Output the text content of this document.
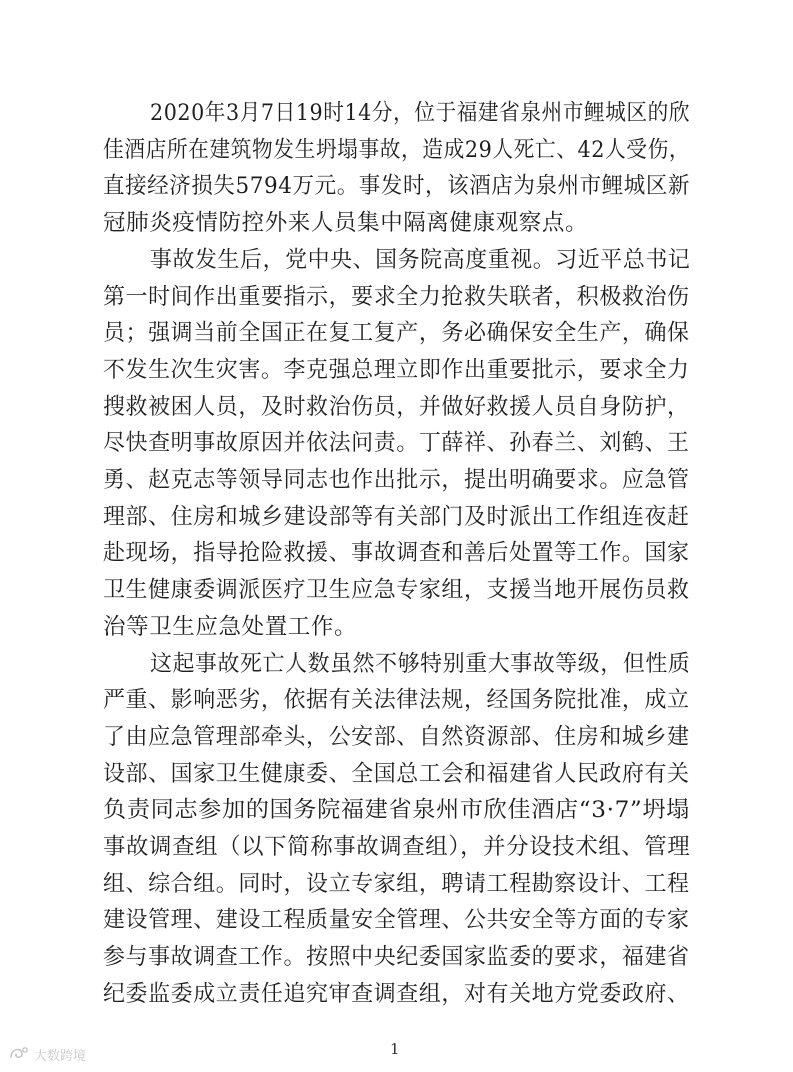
2020年3月7日19时14分，位于福建省泉州市鲤城区的欣
佳酒店所在建筑物发生坍塌事故，造成29人死亡、42人受伤，
直接经济损失5794万元。事发时，该酒店为泉州市鲤城区新
冠肺炎疫情防控外来人员集中隔离健康观察点。
事故发生后，党中央、国务院高度重视。习近平总书记
第一时间作出重要指示，要求全力抢救失联者，积极救治伤
员；强调当前全国正在复工复产，务必确保安全生产，确保
不发生次生灾害。李克强总理立即作出重要批示，要求全力
搜救被困人员，及时救治伤员，并做好救援人员自身防护，
尽快查明事故原因并依法问责。丁薛祥、孙春兰、刘鹤、王
勇、赵克志等领导同志也作出批示，提出明确要求。应急管
理部、住房和城乡建设部等有关部门及时派出工作组连夜赶
赴现场，指导抢险救援、事故调查和善后处置等工作。国家
卫生健康委调派医疗卫生应急专家组，支援当地开展伤员救
治等卫生应急处置工作。
这起事故死亡人数虽然不够特别重大事故等级，但性质
严重、影响恶劣，依据有关法律法规，经国务院批准，成立
了由应急管理部牵头，公安部、自然资源部、住房和城乡建
设部、国家卫生健康委、全国总工会和福建省人民政府有关
负责同志参加的国务院福建省泉州市欣佳酒店“3·7”坍塌
事故调查组（以下简称事故调查组），并分设技术组、管理
组、综合组。同时，设立专家组，聘请工程勘察设计、工程
建设管理、建设工程质量安全管理、公共安全等方面的专家
参与事故调查工作。按照中央纪委国家监委的要求，福建省
纪委监委成立责任追究审查调查组，对有关地方党委政府、
1
大数跨境
